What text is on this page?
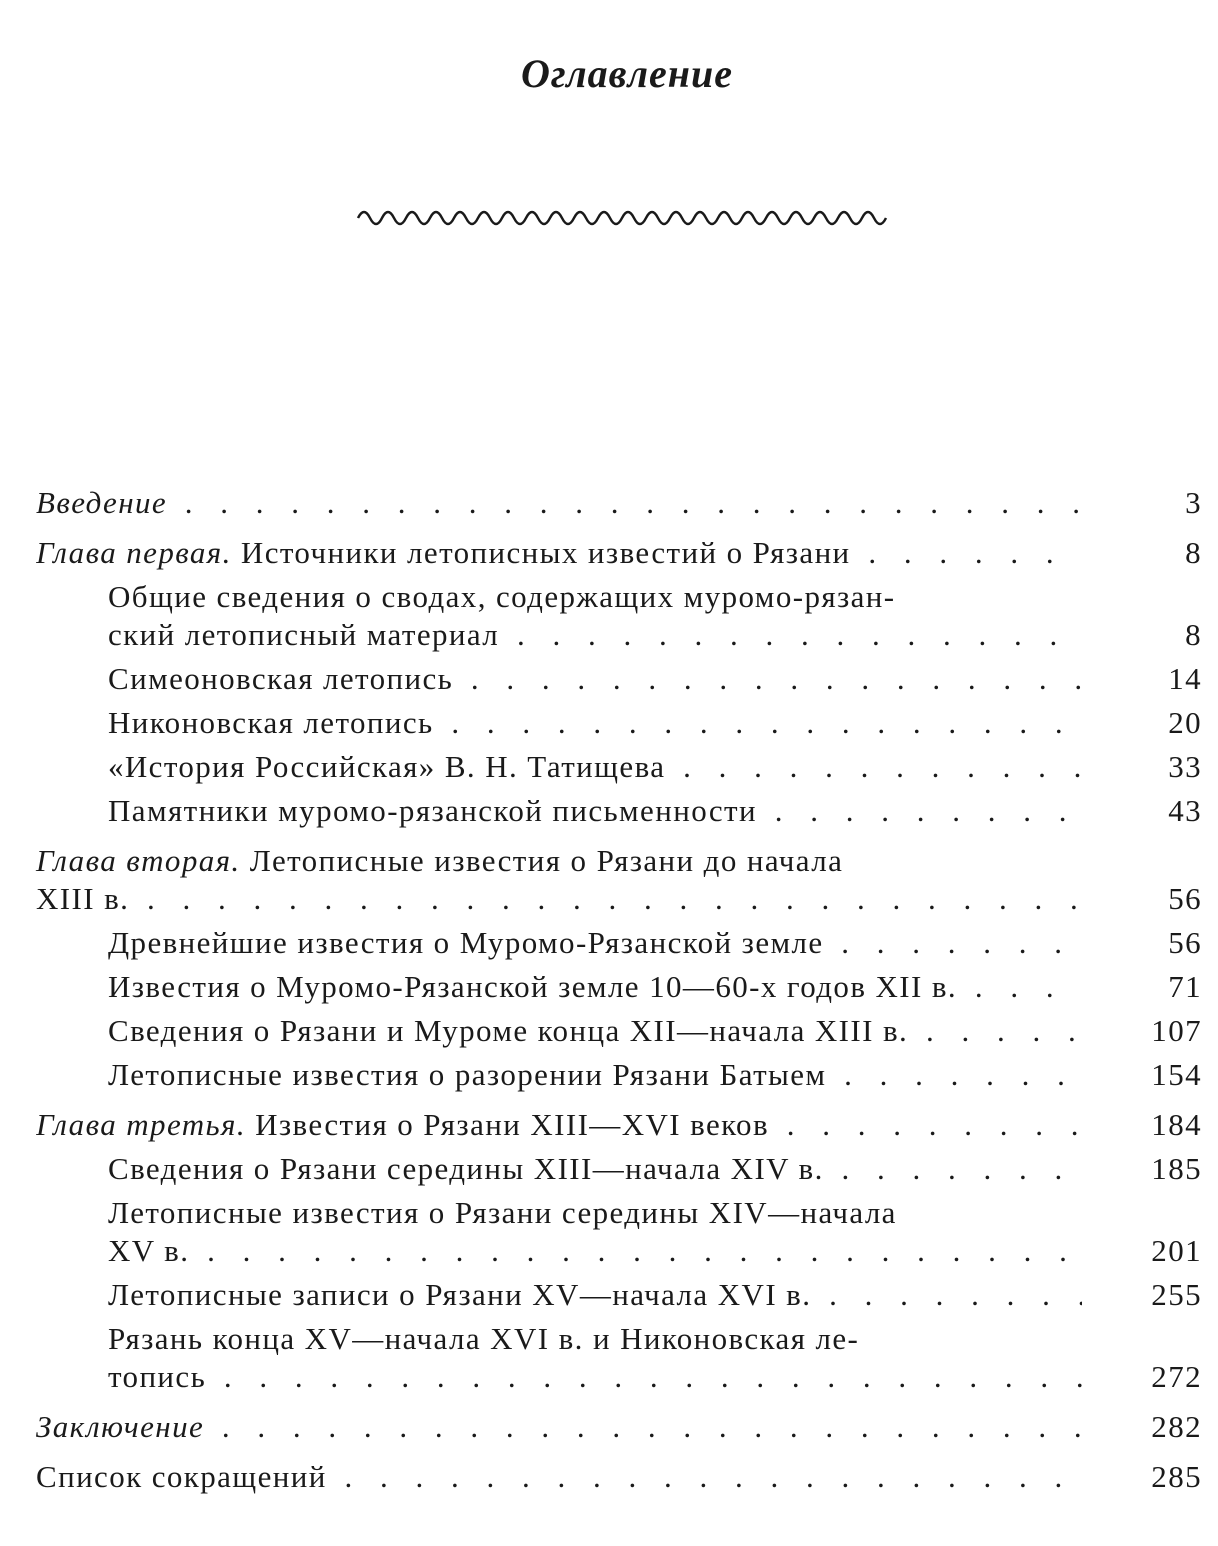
Оглавление
Введение . . .	3
Глава первая. Источники летописных известий о Рязани . . .	8
Общие сведения о сводах, содержащих муромо-рязан-
ский летописный материал . . .	8
Симеоновская летопись . . .	14
Никоновская летопись . . .	20
«История Российская» В. Н. Татищева . . .	33
Памятники муромо-рязанской письменности . . .	43
Глава вторая. Летописные известия о Рязани до начала
XIII в. . . .	56
Древнейшие известия о Муромо-Рязанской земле . . .	56
Известия о Муромо-Рязанской земле 10—60-х годов XII в. . . .	71
Сведения о Рязани и Муроме конца XII—начала XIII в. . . .	107
Летописные известия о разорении Рязани Батыем . . .	154
Глава третья. Известия о Рязани XIII—XVI веков . . .	184
Сведения о Рязани середины XIII—начала XIV в. . . .	185
Летописные известия о Рязани середины XIV—начала
XV в. . . .	201
Летописные записи о Рязани XV—начала XVI в. . . .	255
Рязань конца XV—начала XVI в. и Никоновская ле-
топись . . .	272
Заключение . . .	282
Список сокращений . . .	285
